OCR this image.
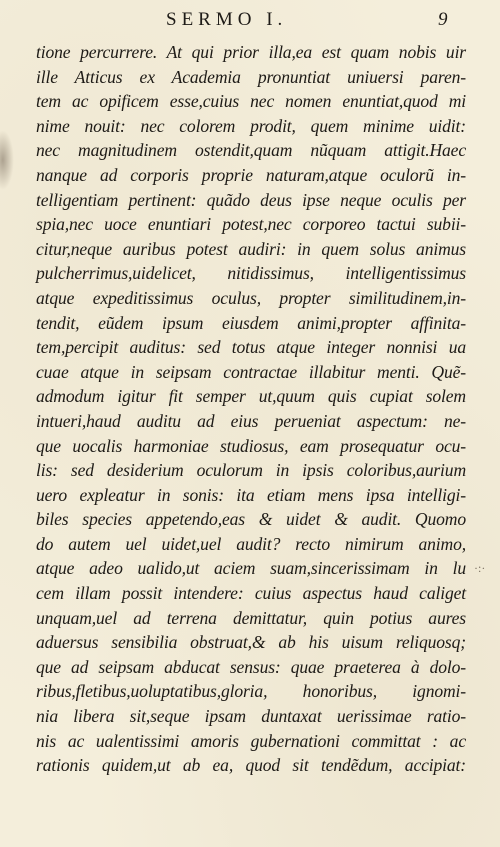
SERMO I.	9
·:·
tione percurrere. At qui prior illa,ea est quam nobis uir
ille Atticus ex Academia pronuntiat uniuersi paren-
tem ac opificem esse,cuius nec nomen enuntiat,quod mi
nime nouit: nec colorem prodit, quem minime uidit:
nec magnitudinem ostendit,quam nũquam attigit.Haec
nanque ad corporis proprie naturam,atque oculorũ in-
telligentiam pertinent: quãdo deus ipse neque oculis per
spia,nec uoce enuntiari potest,nec corporeo tactui subii-
citur,neque auribus potest audiri: in quem solus animus
pulcherrimus,uidelicet, nitidissimus, intelligentissimus
atque expeditissimus oculus, propter similitudinem,in-
tendit, eũdem ipsum eiusdem animi,propter affinita-
tem,percipit auditus: sed totus atque integer nonnisi ua
cuae atque in seipsam contractae illabitur menti. Quẽ-
admodum igitur fit semper ut,quum quis cupiat solem
intueri,haud auditu ad eius perueniat aspectum: ne-
que uocalis harmoniae studiosus, eam prosequatur ocu-
lis: sed desiderium oculorum in ipsis coloribus,aurium
uero expleatur in sonis: ita etiam mens ipsa intelligi-
biles species appetendo,eas & uidet & audit. Quomo
do autem uel uidet,uel audit? recto nimirum animo,
atque adeo ualido,ut aciem suam,sincerissimam in lu
cem illam possit intendere: cuius aspectus haud caliget
unquam,uel ad terrena demittatur, quin potius aures
aduersus sensibilia obstruat,& ab his uisum reliquosq;
que ad seipsam abducat sensus: quae praeterea à dolo-
ribus,fletibus,uoluptatibus,gloria, honoribus, ignomi-
nia libera sit,seque ipsam duntaxat uerissimae ratio-
nis ac ualentissimi amoris gubernationi committat : ac
rationis quidem,ut ab ea, quod sit tendẽdum, accipiat:
